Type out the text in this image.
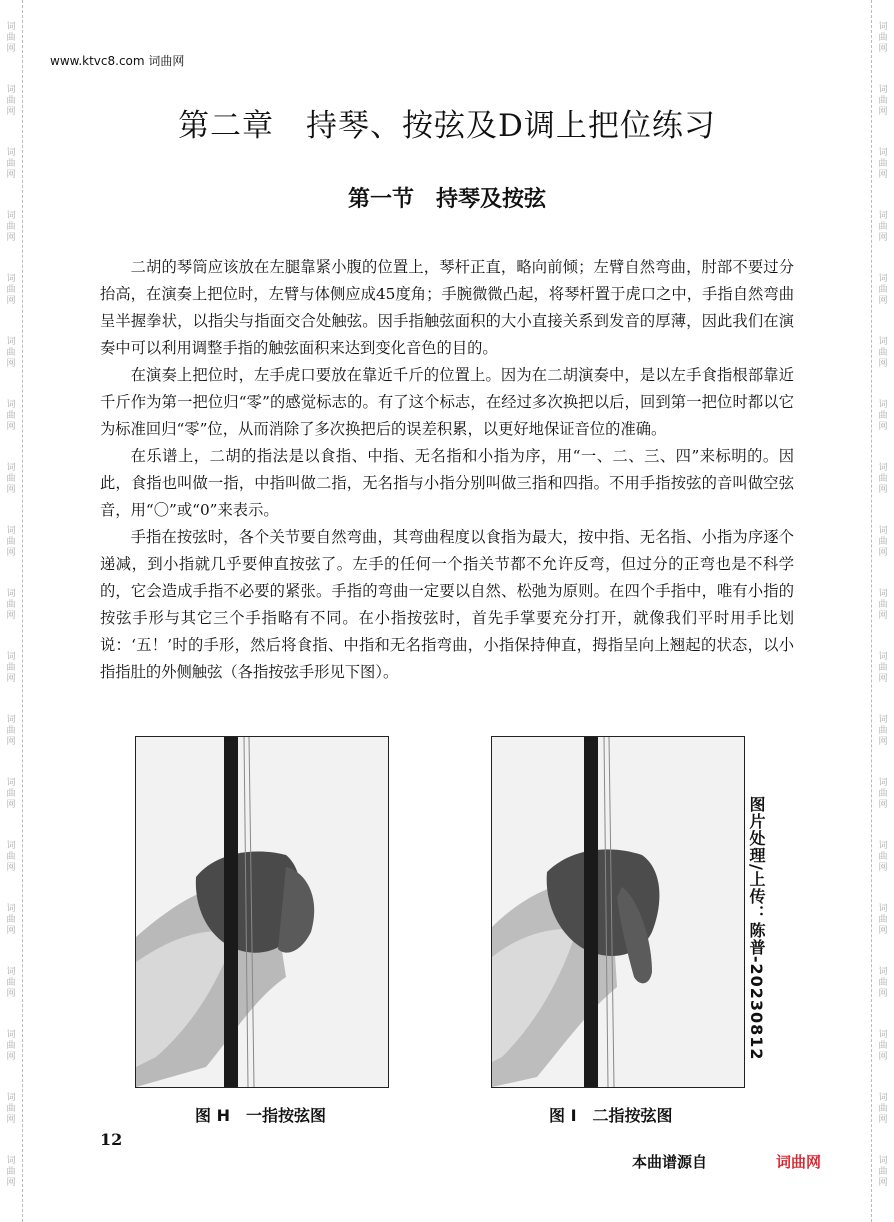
词
曲
网
词
曲
网
词
曲
网
词
曲
网
词
曲
网
词
曲
网
词
曲
网
词
曲
网
词
曲
网
词
曲
网
词
曲
网
词
曲
网
词
曲
网
词
曲
网
词
曲
网
词
曲
网
词
曲
网
词
曲
网
词
曲
网
词
曲
网
词
曲
网
词
曲
网
词
曲
网
词
曲
网
词
曲
网
词
曲
网
词
曲
网
词
曲
网
词
曲
网
词
曲
网
词
曲
网
词
曲
网
词
曲
网
词
曲
网
词
曲
网
词
曲
网
词
曲
网
词
曲
网
www.ktvc8.com 词曲网
第二章　持琴、按弦及D调上把位练习
第一节　持琴及按弦

二胡的琴筒应该放在左腿靠紧小腹的位置上，琴杆正直，略向前倾；左臂自然弯曲，肘部不要过分抬高，在演奏上把位时，左臂与体侧应成45度角；手腕微微凸起，将琴杆置于虎口之中，手指自然弯曲呈半握拳状，以指尖与指面交合处触弦。因手指触弦面积的大小直接关系到发音的厚薄，因此我们在演奏中可以利用调整手指的触弦面积来达到变化音色的目的。

在演奏上把位时，左手虎口要放在靠近千斤的位置上。因为在二胡演奏中，是以左手食指根部靠近千斤作为第一把位归“零”的感觉标志的。有了这个标志，在经过多次换把以后，回到第一把位时都以它为标准回归“零”位，从而消除了多次换把后的误差积累，以更好地保证音位的准确。

在乐谱上，二胡的指法是以食指、中指、无名指和小指为序，用“一、二、三、四”来标明的。因此，食指也叫做一指，中指叫做二指，无名指与小指分别叫做三指和四指。不用手指按弦的音叫做空弦音，用“〇”或“0”来表示。

手指在按弦时，各个关节要自然弯曲，其弯曲程度以食指为最大，按中指、无名指、小指为序逐个递减，到小指就几乎要伸直按弦了。左手的任何一个指关节都不允许反弯，但过分的正弯也是不科学的，它会造成手指不必要的紧张。手指的弯曲一定要以自然、松弛为原则。在四个手指中，唯有小指的按弦手形与其它三个手指略有不同。在小指按弦时，首先手掌要充分打开，就像我们平时用手比划说：‘五！’时的手形，然后将食指、中指和无名指弯曲，小指保持伸直，拇指呈向上翘起的状态，以小指指肚的外侧触弦（各指按弦手形见下图）。

图 H　一指按弦图	图 I　二指按弦图
图片处理/上传：陈普-20230812
12
本曲谱源自	词曲网
